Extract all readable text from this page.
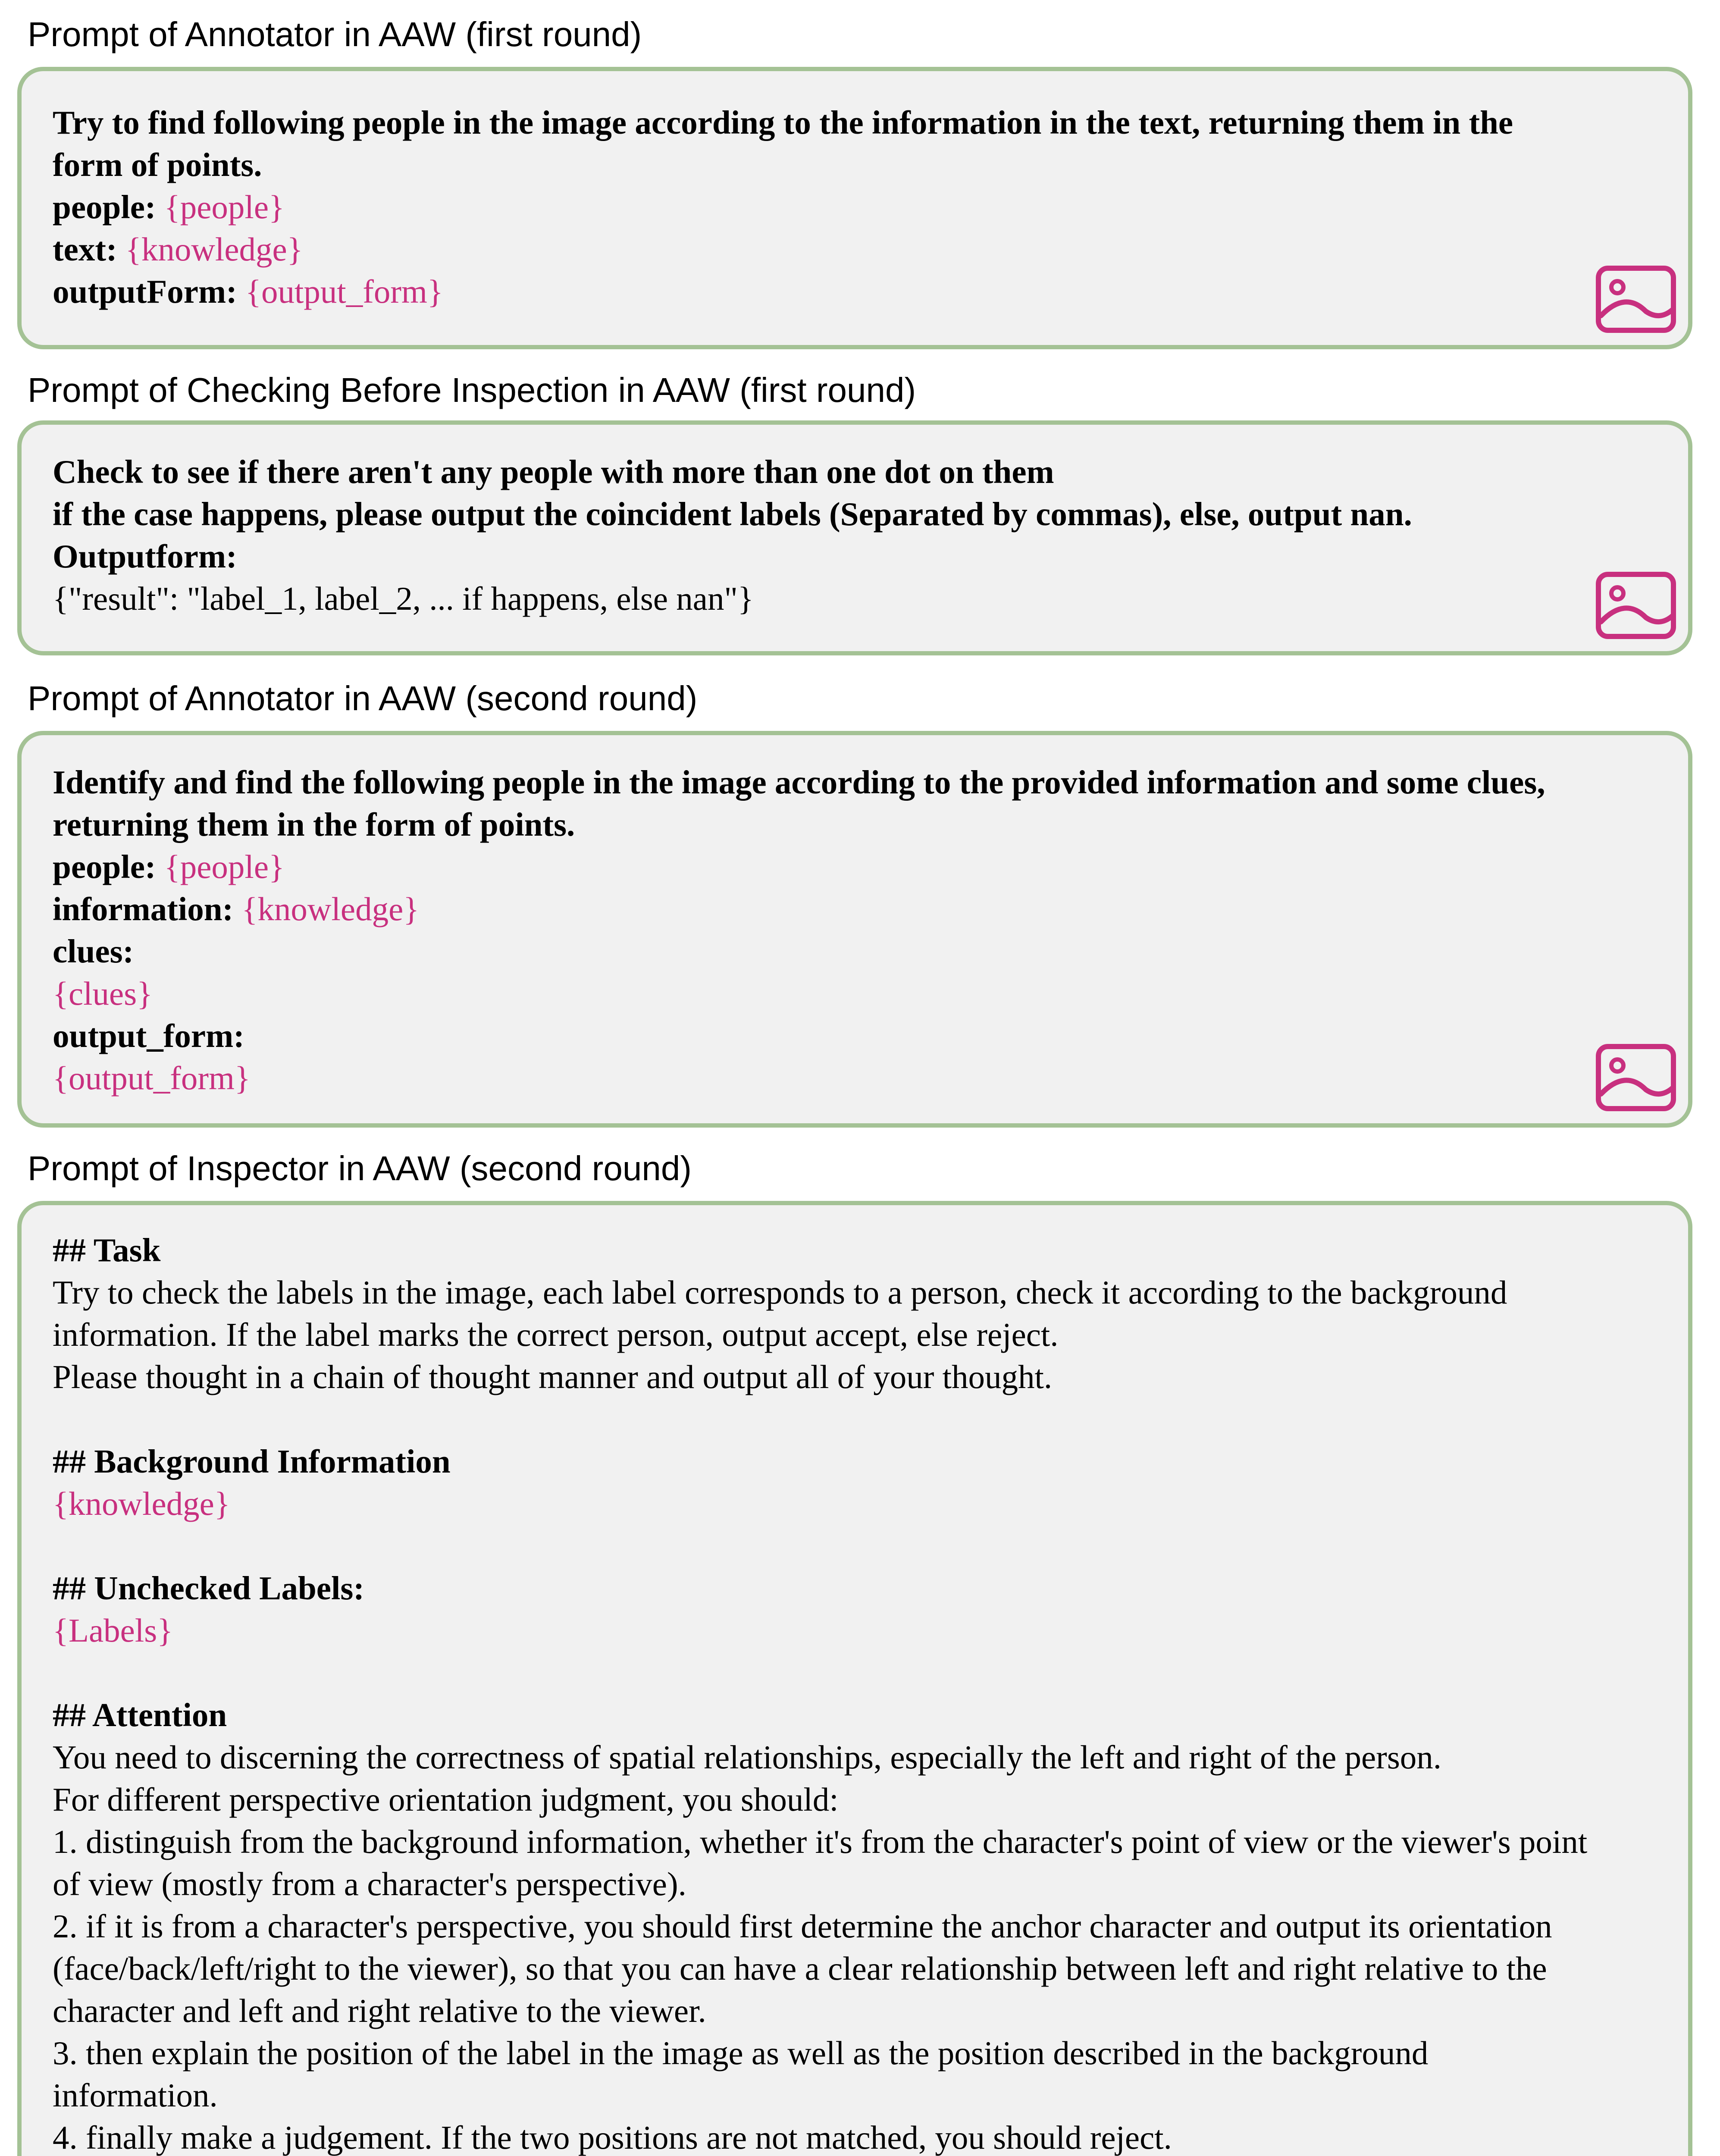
Prompt of Annotator in AAW (first round)
Try to find following people in the image according to the information in the text, returning them in the
form of points.
people: {people}
text: {knowledge}
outputForm: {output_form}
Prompt of Checking Before Inspection in AAW (first round)
Check to see if there aren't any people with more than one dot on them
if the case happens, please output the coincident labels (Separated by commas), else, output nan.
Outputform:
{"result": "label_1, label_2, ... if happens, else nan"}
Prompt of Annotator in AAW (second round)
Identify and find the following people in the image according to the provided information and some clues,
returning them in the form of points.
people: {people}
information: {knowledge}
clues:
{clues}
output_form:
{output_form}
Prompt of Inspector in AAW (second round)
## Task
Try to check the labels in the image, each label corresponds to a person, check it according to the background
information. If the label marks the correct person, output accept, else reject.
Please thought in a chain of thought manner and output all of your thought.
## Background Information
{knowledge}
## Unchecked Labels:
{Labels}
## Attention
You need to discerning the correctness of spatial relationships, especially the left and right of the person.
For different perspective orientation judgment, you should:
1. distinguish from the background information, whether it's from the character's point of view or the viewer's point
of view (mostly from a character's perspective).
2. if it is from a character's perspective, you should first determine the anchor character and output its orientation
(face/back/left/right to the viewer), so that you can have a clear relationship between left and right relative to the
character and left and right relative to the viewer.
3. then explain the position of the label in the image as well as the position described in the background
information.
4. finally make a judgement. If the two positions are not matched, you should reject.
